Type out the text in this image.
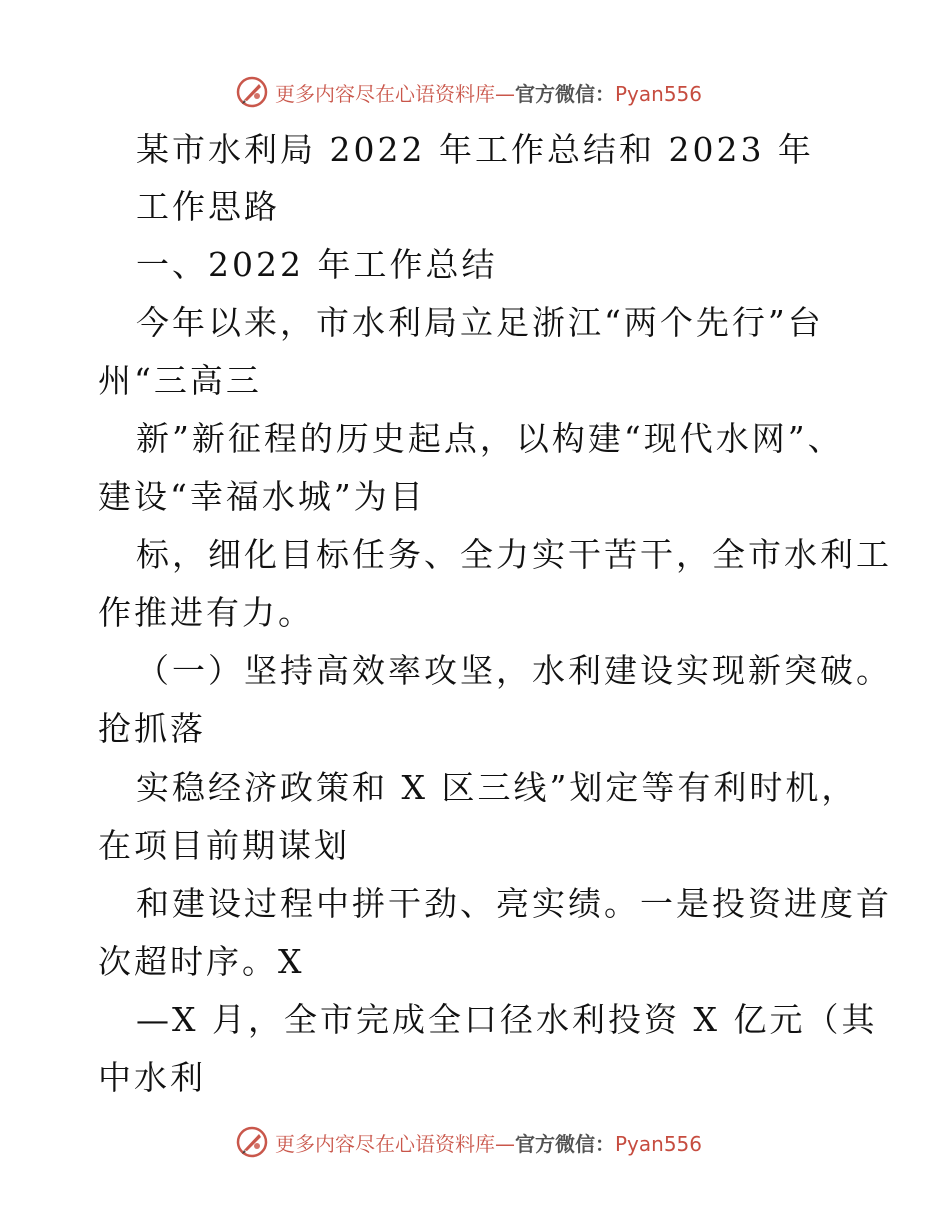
更多内容尽在心语资料库—官方微信：Pyan556
某市水利局 2022 年工作总结和 2023 年
工作思路
一、2022 年工作总结
今年以来，市水利局立足浙江“两个先行”台
州“三高三
新”新征程的历史起点，以构建“现代水网”、
建设“幸福水城”为目
标，细化目标任务、全力实干苦干，全市水利工
作推进有力。
（一）坚持高效率攻坚，水利建设实现新突破。
抢抓落
实稳经济政策和 X 区三线”划定等有利时机，
在项目前期谋划
和建设过程中拼干劲、亮实绩。一是投资进度首
次超时序。X
—X 月，全市完成全口径水利投资 X 亿元（其
中水利
更多内容尽在心语资料库—官方微信：Pyan556
